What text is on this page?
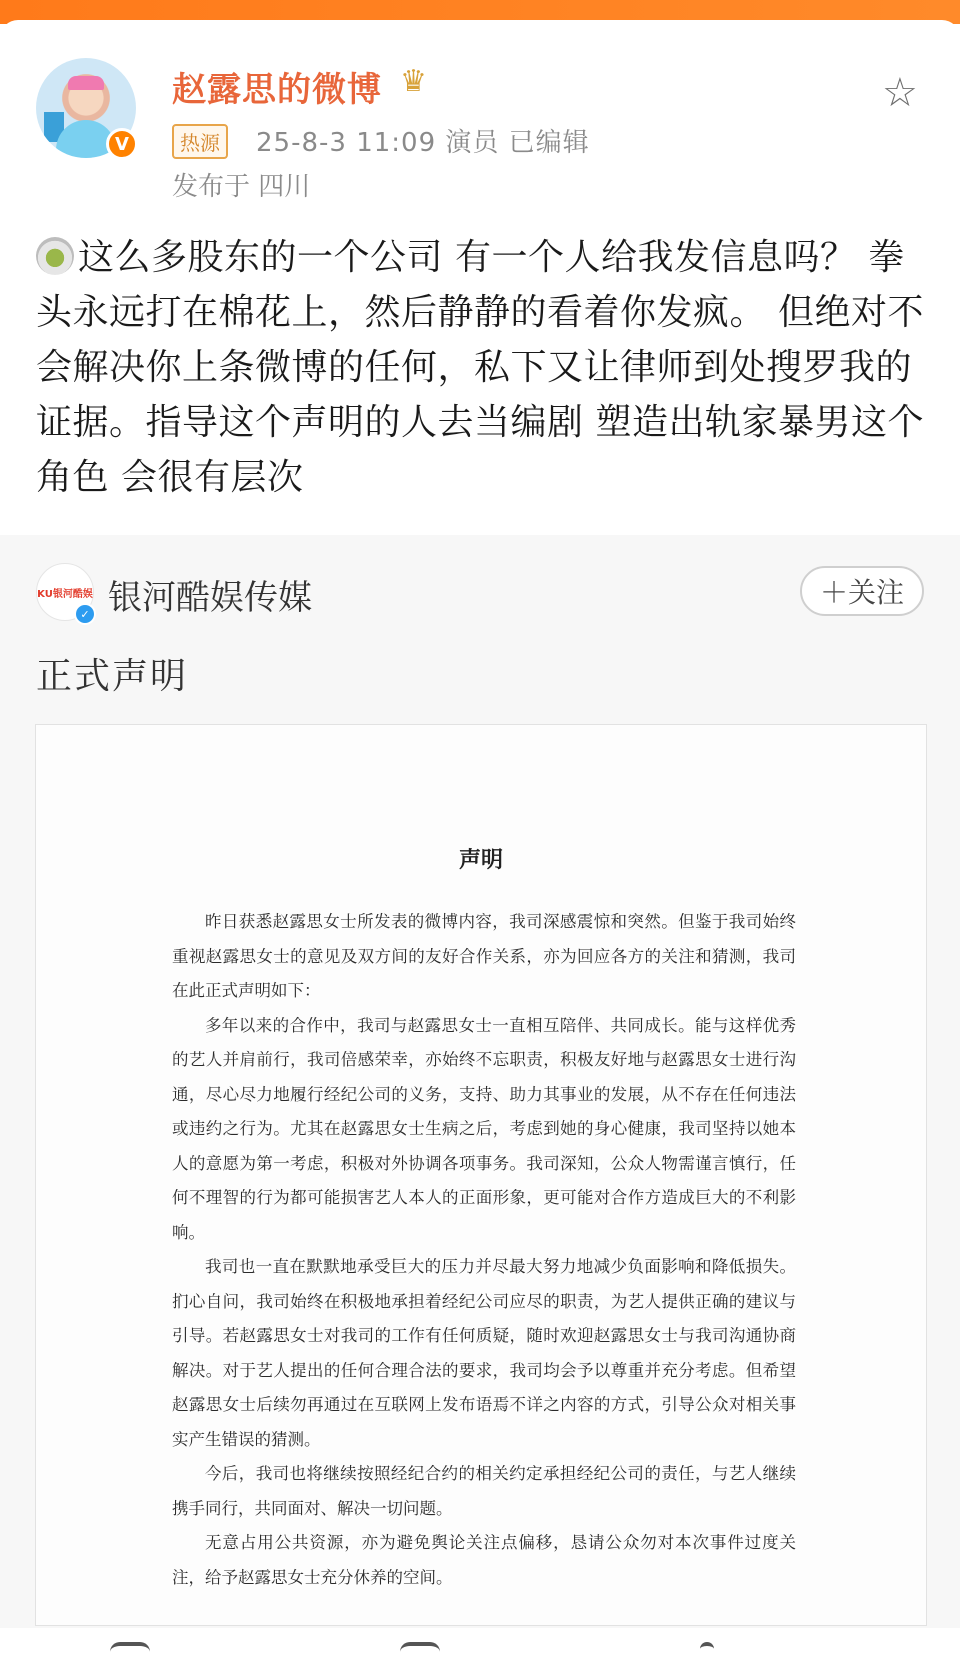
V
赵露思的微博 ♛
热源	25-8-3 11:09 演员 已编辑
发布于 四川
☆
这么多股东的一个公司 有一个人给我发信息吗？ 拳头永远打在棉花上，然后静静的看着你发疯。 但绝对不会解决你上条微博的任何，私下又让律师到处搜罗我的证据。指导这个声明的人去当编剧 塑造出轨家暴男这个角色 会很有层次
KU银河酷娱
✓ 银河酷娱传媒	＋关注
正式声明
声明

昨日获悉赵露思女士所发表的微博内容，我司深感震惊和突然。但鉴于我司始终重视赵露思女士的意见及双方间的友好合作关系，亦为回应各方的关注和猜测，我司在此正式声明如下：

多年以来的合作中，我司与赵露思女士一直相互陪伴、共同成长。能与这样优秀的艺人并肩前行，我司倍感荣幸，亦始终不忘职责，积极友好地与赵露思女士进行沟通，尽心尽力地履行经纪公司的义务，支持、助力其事业的发展，从不存在任何违法或违约之行为。尤其在赵露思女士生病之后，考虑到她的身心健康，我司坚持以她本人的意愿为第一考虑，积极对外协调各项事务。我司深知，公众人物需谨言慎行，任何不理智的行为都可能损害艺人本人的正面形象，更可能对合作方造成巨大的不利影响。

我司也一直在默默地承受巨大的压力并尽最大努力地减少负面影响和降低损失。扪心自问，我司始终在积极地承担着经纪公司应尽的职责，为艺人提供正确的建议与引导。若赵露思女士对我司的工作有任何质疑，随时欢迎赵露思女士与我司沟通协商解决。对于艺人提出的任何合理合法的要求，我司均会予以尊重并充分考虑。但希望赵露思女士后续勿再通过在互联网上发布语焉不详之内容的方式，引导公众对相关事实产生错误的猜测。

今后，我司也将继续按照经纪合约的相关约定承担经纪公司的责任，与艺人继续携手同行，共同面对、解决一切问题。

无意占用公共资源，亦为避免舆论关注点偏移，恳请公众勿对本次事件过度关注，给予赵露思女士充分休养的空间。
